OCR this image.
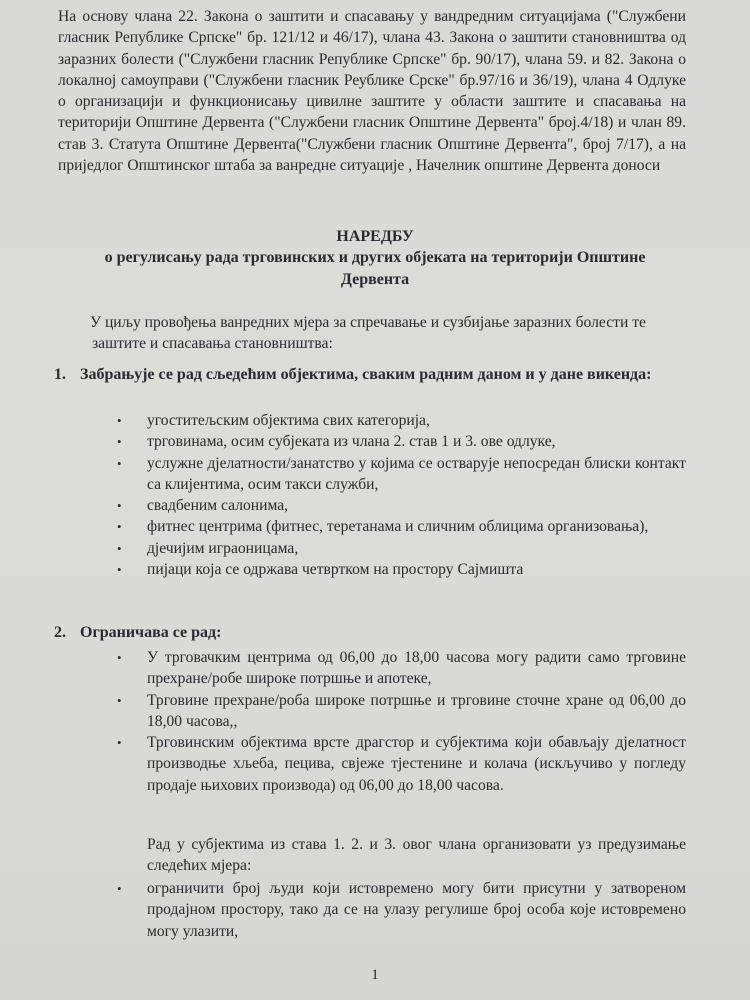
На основу члана 22. Закона о заштити и спасавању у вандредним ситуацијама ("Службени гласник Републике Српске" бр. 121/12 и 46/17), члана 43. Закона о заштити становништва од заразних болести ("Службени гласник Републике Српске" бр. 90/17), члана 59. и 82. Закона о локалној самоуправи ("Службени гласник Реублике Срске" бр.97/16 и 36/19), члана 4 Одлуке о организацији и функционисању цивилне заштите у области заштите и спасавања на територији Општине Дервента ("Службени гласник Општине Дервента" број.4/18) и члан 89. став 3. Статута Општине Дервента("Службени гласник Општине Дервента", број 7/17), а на приједлог Општинског штаба за ванредне ситуације , Начелник општине Дервента доноси
НАРЕДБУ
о регулисању рада трговинских и других објеката на територији Општине
Дервента
У циљу провођења ванредних мјера за спречавање и сузбијање заразних болести те заштите и спасавања становништва:
1. Забрањује се рад сљедећим објектима, сваким радним даном и у дане викенда:
• угоститељским објектима свих категорија,
• трговинама, осим субјеката из члана 2. став 1 и 3. ове одлуке,
• услужне дјелатности/занатство у којима се остварује непосредан блиски контакт са клијентима, осим такси служби,
• свадбеним салонима,
• фитнес центрима (фитнес, теретанама и сличним облицима организовања),
• дјечијим играоницама,
• пијаци која се одржава четвртком на простору Сајмишта
2. Ограничава се рад:
• У трговачким центрима од 06,00 до 18,00 часова могу радити само трговине прехране/робе широке потршње и апотеке,
• Трговине прехране/роба широке потршње и трговине сточне хране од 06,00 до 18,00 часова,,
• Трговинским објектима врсте драгстор и субјектима који обављају дјелатност производње хљеба, пецива, свјеже тјестенине и колача (искључиво у погледу продаје њихових производа) од 06,00 до 18,00 часова.
Рад у субјектима из става 1. 2. и 3. овог члана организовати уз предузимање следећих мјера:
• ограничити број људи који истовремено могу бити присутни у затвореном продајном простору, тако да се на улазу регулише број особа које истовремено могу улазити,
1
